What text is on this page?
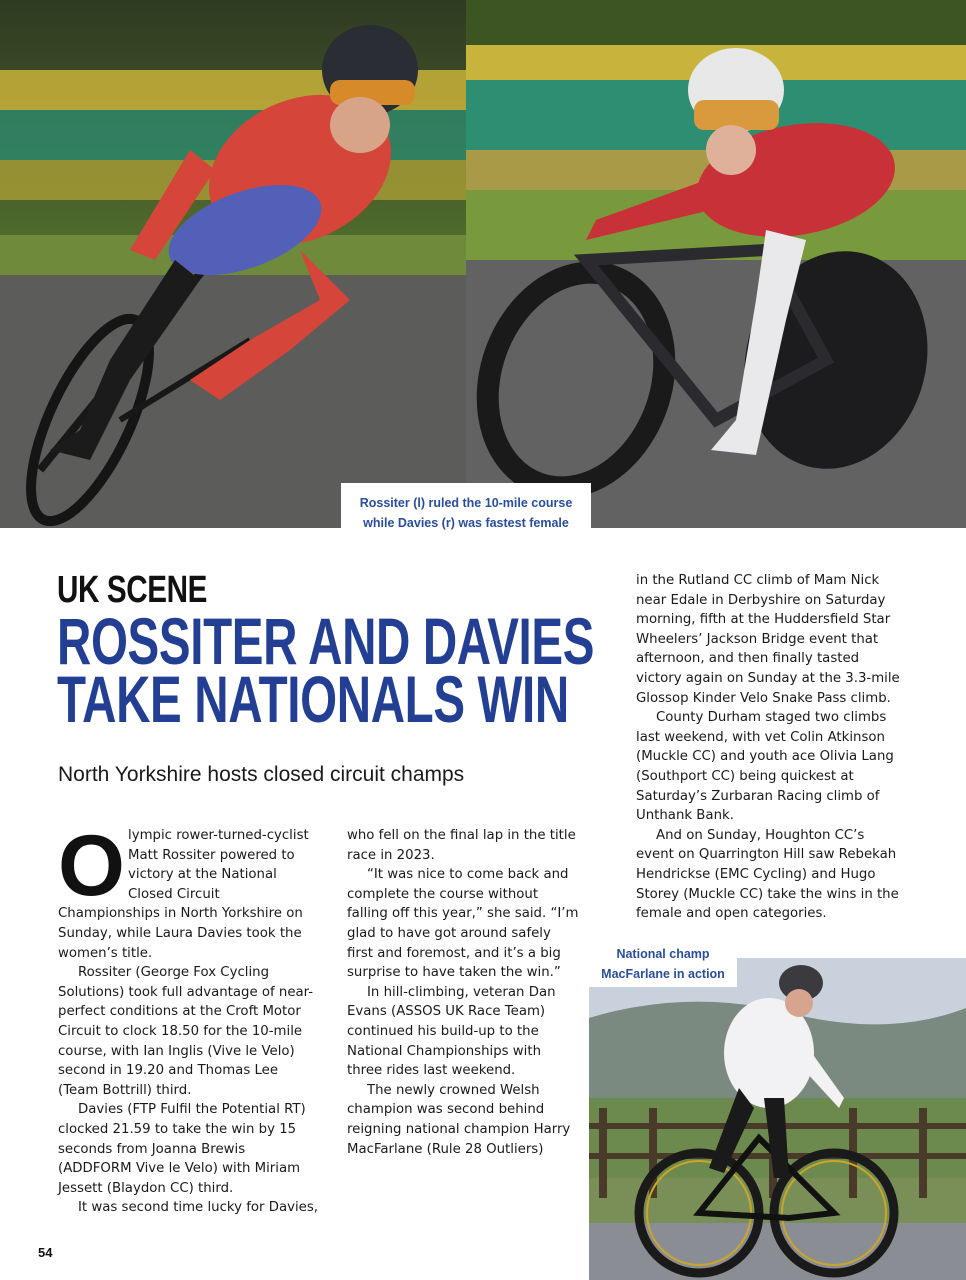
Rossiter (l) ruled the 10-mile course
while Davies (r) was fastest female
UK SCENE
ROSSITER AND DAVIES
TAKE NATIONALS WIN
North Yorkshire hosts closed circuit champs
O lympic rower-turned-cyclist Matt Rossiter powered to victory at the National Closed Circuit Championships in North Yorkshire on Sunday, while Laura Davies took the women’s title.

Rossiter (George Fox Cycling Solutions) took full advantage of near-perfect conditions at the Croft Motor Circuit to clock 18.50 for the 10-mile course, with Ian Inglis (Vive le Velo) second in 19.20 and Thomas Lee (Team Bottrill) third.

Davies (FTP Fulfil the Potential RT) clocked 21.59 to take the win by 15 seconds from Joanna Brewis (ADDFORM Vive le Velo) with Miriam Jessett (Blaydon CC) third.

It was second time lucky for Davies,

who fell on the final lap in the title race in 2023.

“It was nice to come back and complete the course without falling off this year,” she said. “I’m glad to have got around safely first and foremost, and it’s a big surprise to have taken the win.”

In hill-climbing, veteran Dan Evans (ASSOS UK Race Team) continued his build-up to the National Championships with three rides last weekend.

The newly crowned Welsh champion was second behind reigning national champion Harry MacFarlane (Rule 28 Outliers)

in the Rutland CC climb of Mam Nick near Edale in Derbyshire on Saturday morning, fifth at the Huddersfield Star Wheelers’ Jackson Bridge event that afternoon, and then finally tasted victory again on Sunday at the 3.3-mile Glossop Kinder Velo Snake Pass climb.

County Durham staged two climbs last weekend, with vet Colin Atkinson (Muckle CC) and youth ace Olivia Lang (Southport CC) being quickest at Saturday’s Zurbaran Racing climb of Unthank Bank.

And on Sunday, Houghton CC’s event on Quarrington Hill saw Rebekah Hendrickse (EMC Cycling) and Hugo Storey (Muckle CC) take the wins in the female and open categories.

National champ
MacFarlane in action
54
